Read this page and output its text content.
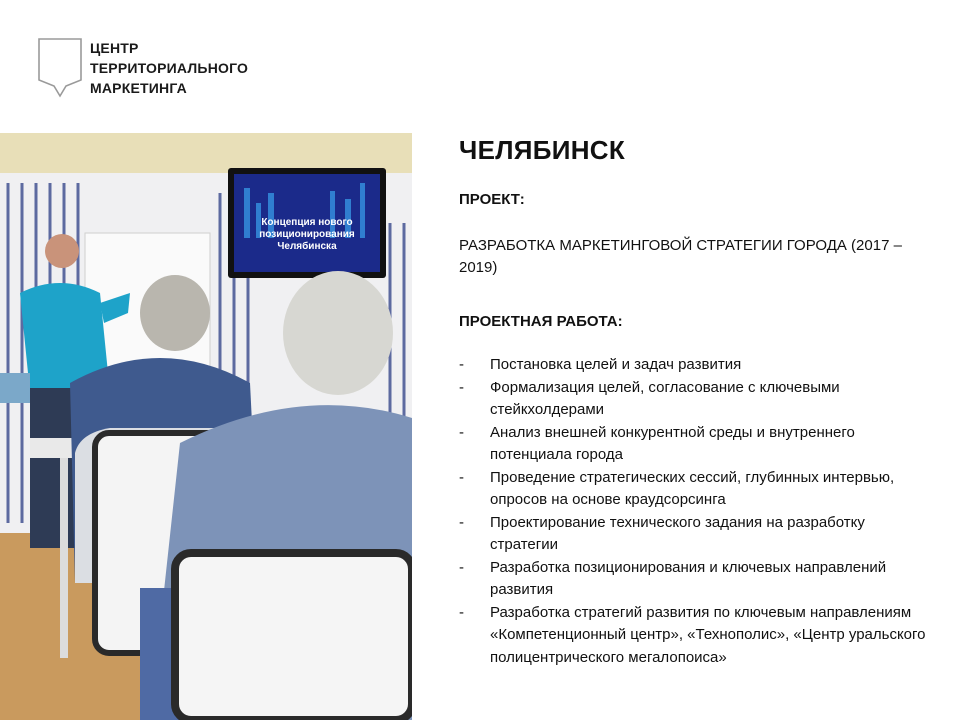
ЦЕНТР
ТЕРРИТОРИАЛЬНОГО
МАРКЕТИНГА
Концепция нового
позиционирования
Челябинска
ЧЕЛЯБИНСК

ПРОЕКТ:

РАЗРАБОТКА МАРКЕТИНГОВОЙ СТРАТЕГИИ ГОРОДА (2017 – 2019)

ПРОЕКТНАЯ РАБОТА:

- Постановка целей и задач развития
- Формализация целей, согласование с ключевыми стейкхолдерами
- Анализ внешней конкурентной среды и внутреннего потенциала города
- Проведение стратегических сессий, глубинных интервью, опросов на основе краудсорсинга
- Проектирование технического задания на разработку стратегии
- Разработка позиционирования и ключевых направлений развития
- Разработка стратегий развития по ключевым направлениям «Компетенционный центр», «Технополис», «Центр уральского полицентрического мегалопоиса»
